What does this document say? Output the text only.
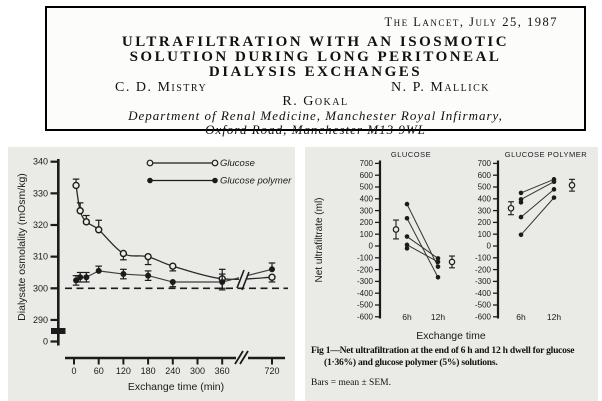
The Lancet, July 25, 1987
ULTRAFILTRATION WITH AN ISOSMOTIC
SOLUTION DURING LONG PERITONEAL
DIALYSIS EXCHANGES
C. D. Mistry	N. P. Mallick
R. Gokal
Department of Renal Medicine, Manchester Royal Infirmary,
Oxford Road, Manchester M13 9WL
0
290
300
310
320
330
340
Dialysate osmolality (mOsm/kg)
0 60 120 180 240 300 360	720
Exchange time (min)
Glucose
Glucose polymer
700
600
500
400
300
200
100
0
-100
-200
-300
-400
-500
-600
GLUCOSE
6h 12h
700
600
500
400
300
200
100
0
-100
-200
-300
-400
-500
-600
GLUCOSE POLYMER
6h 12h
Net ultrafiltrate (ml)
Exchange time
Fig 1—Net ultrafiltration at the end of 6 h and 12 h dwell for glucose
(1·36%) and glucose polymer (5%) solutions.
Bars = mean ± SEM.
